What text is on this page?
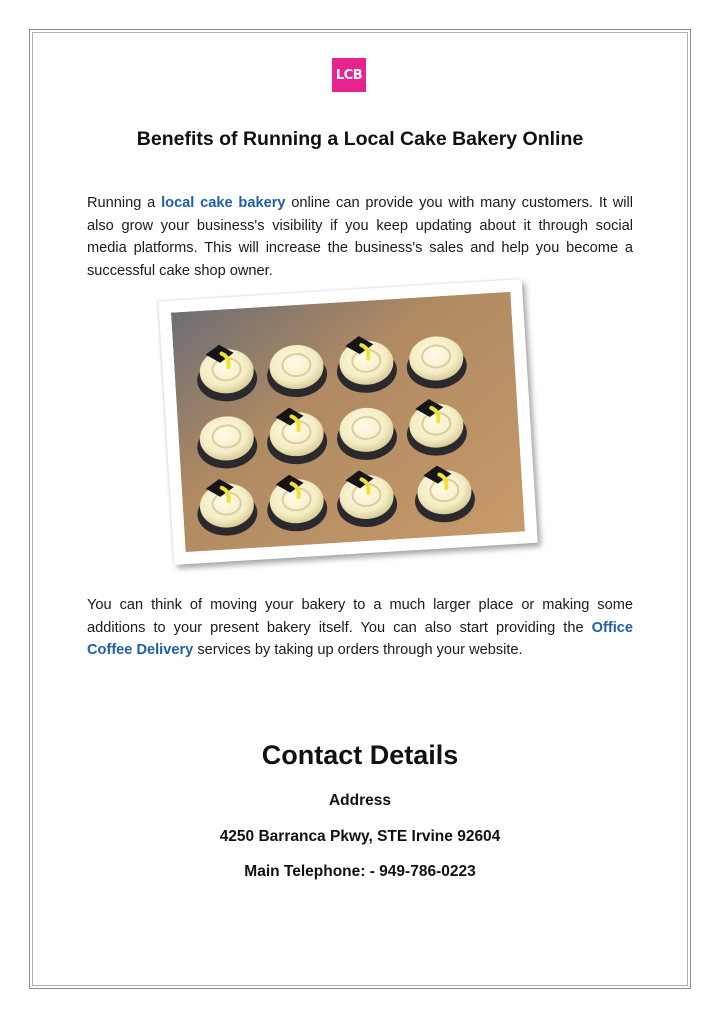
LCB
Benefits of Running a Local Cake Bakery Online

Running a local cake bakery online can provide you with many customers. It will also grow your business's visibility if you keep updating about it through social media platforms. This will increase the business's sales and help you become a successful cake shop owner.

You can think of moving your bakery to a much larger place or making some additions to your present bakery itself. You can also start providing the Office Coffee Delivery services by taking up orders through your website.

Contact Details

Address

4250 Barranca Pkwy, STE Irvine 92604

Main Telephone: - 949-786-0223
